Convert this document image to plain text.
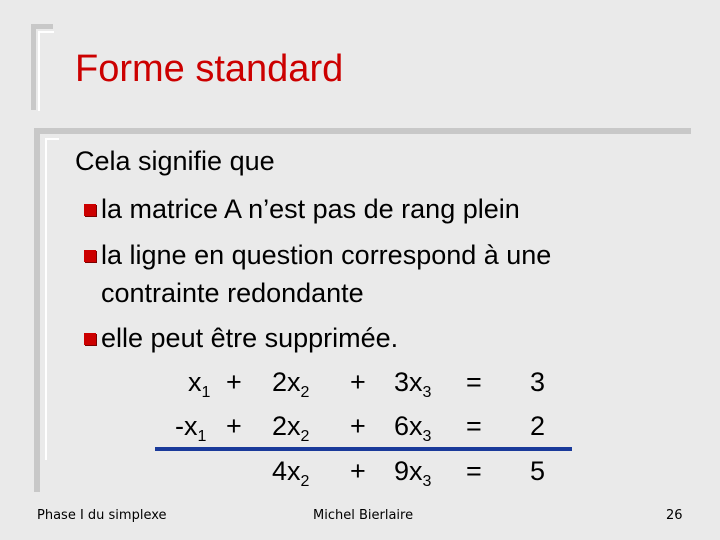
Forme standard
Cela signifie que
la matrice A n’est pas de rang plein
la ligne en question correspond à une
contrainte redondante
elle peut être supprimée.
$x_1 + 2x_2 + 3x_3 = 3$
$-x_1 + 2x_2 + 6x_3 = 2$
$4x_2 + 9x_3 = 5$
Phase I du simplexe	Michel Bierlaire	26
